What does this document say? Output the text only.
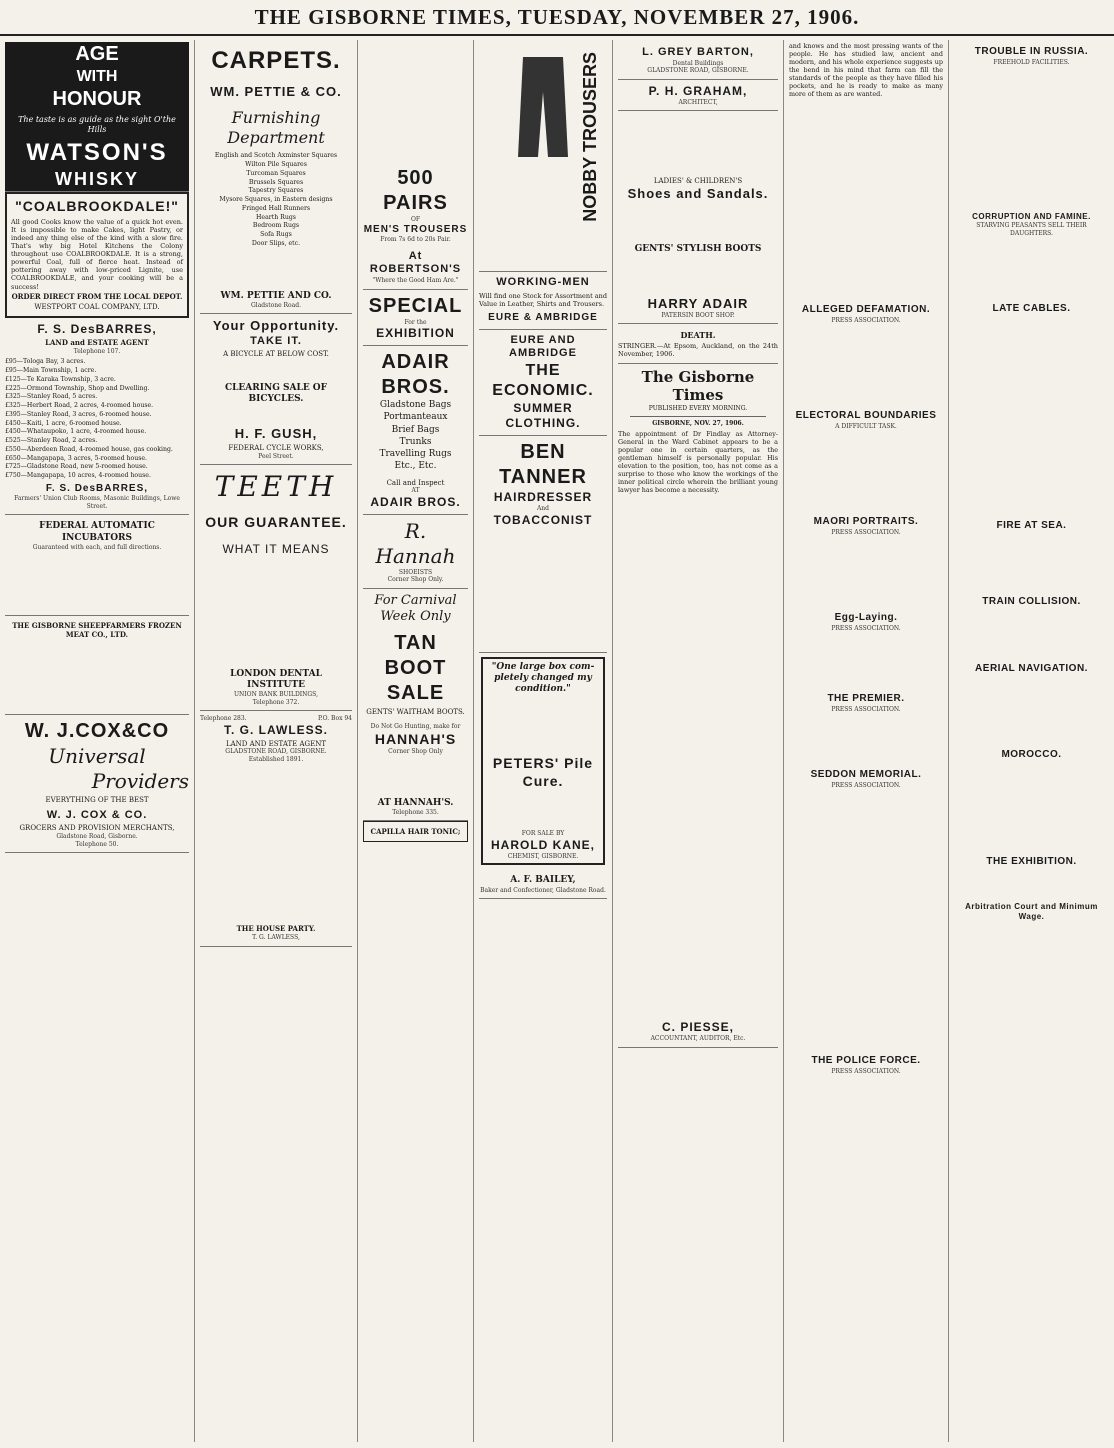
THE GISBORNE TIMES, TUESDAY, NOVEMBER 27, 1906.
AGE
WITH
HONOUR
The taste is as guide as the sight O'the Hills
WATSON'S
WHISKY
"COALBROOKDALE!"
All good Cooks know the value of a quick hot even. It is impossible to make Cakes, light Pastry, or indeed any thing else of the kind with a slow fire. That's why big Hotel Kitchens the Colony throughout use COALBROOKDALE. It is a strong, powerful Coal, full of fierce heat. Instead of pottering away with low-priced Lignite, use COALBROOKDALE, and your cooking will be a success!
ORDER DIRECT FROM THE LOCAL DEPOT.
WESTPORT COAL COMPANY, LTD.
F. S. DesBARRES,
LAND and ESTATE AGENT
Telephone 107.
£95—Tologa Bay, 3 acres.
£95—Main Township, 1 acre.
£125—Te Karaka Township, 3 acre.
£225—Ormond Township, Shop and Dwelling.
£325—Stanley Road, 5 acres.
£325—Herbert Road, 2 acres, 4-roomed house.
£395—Stanley Road, 3 acres, 6-roomed house.
£450—Kaiti, 1 acre, 6-roomed house.
£450—Whataupoko, 1 acre, 4-roomed house.
£525—Stanley Road, 2 acres.
£550—Aberdeen Road, 4-roomed house, gas cooking.
£650—Mangapapa, 3 acres, 5-roomed house.
£725—Gladstone Road, new 5-roomed house.
£750—Mangapapa, 10 acres, 4-roomed house.
F. S. DesBARRES,
Farmers' Union Club Rooms, Masonic Buildings, Lowe Street.
FEDERAL AUTOMATIC INCUBATORS
Guaranteed with each, and full directions.
THE GISBORNE SHEEPFARMERS FROZEN MEAT CO., LTD.
W. J.COX&CO
Universal
Providers
EVERYTHING OF THE BEST
W. J. COX & CO.
GROCERS AND PROVISION MERCHANTS,
Gladstone Road, Gisborne.
Telephone 50.
CARPETS.
WM. PETTIE & CO.
Furnishing Department
English and Scotch Axminster Squares
Wilton Pile Squares
Turcoman Squares
Brussels Squares
Tapestry Squares
Mysore Squares, in Eastern designs
Fringed Hall Runners
Hearth Rugs
Bedroom Rugs
Sofa Rugs
Door Slips, etc.
WM. PETTIE AND CO.
Gladstone Road.
Your Opportunity.
TAKE IT.
A BICYCLE AT BELOW COST.
CLEARING SALE OF BICYCLES.
H. F. GUSH,
FEDERAL CYCLE WORKS,
Peel Street.
TEETH
OUR GUARANTEE.
WHAT IT MEANS
LONDON DENTAL INSTITUTE
UNION BANK BUILDINGS,
Telephone 372.
Telephone 283.	P.O. Box 94
T. G. LAWLESS.
LAND AND ESTATE AGENT
GLADSTONE ROAD, GISBORNE.
Established 1891.
THE HOUSE PARTY.
T. G. LAWLESS,
500 PAIRS
OF
MEN'S TROUSERS
From 7s 6d to 20s Pair.
At ROBERTSON'S
"Where the Good Ham Are."
SPECIAL
For the
EXHIBITION
ADAIR BROS.
Gladstone Bags
Portmanteaux
Brief Bags
Trunks
Travelling Rugs
Etc., Etc.
Call and Inspect
AT
ADAIR BROS.
R. Hannah
SHOEISTS
Corner Shop Only.
For Carnival Week Only
TAN BOOT
SALE
GENTS' WAITHAM BOOTS.
Do Not Go Hunting, make for
HANNAH'S
Corner Shop Only
AT HANNAH'S.
Telephone 335.
CAPILLA HAIR TONIC;
NOBBY TROUSERS
WORKING-MEN
Will find one Stock for Assortment and Value in Leather, Shirts and Trousers.
EURE & AMBRIDGE
EURE AND AMBRIDGE
THE ECONOMIC.
SUMMER CLOTHING.
BEN TANNER
HAIRDRESSER
And
TOBACCONIST
"One large box com-pletely changed my condition."
PETERS' Pile Cure.
FOR SALE BY
HAROLD KANE,
CHEMIST, GISBORNE.
A. F. BAILEY,
Baker and Confectioner, Gladstone Road.
L. GREY BARTON,
Dental Buildings
GLADSTONE ROAD, GISBORNE.
P. H. GRAHAM,
ARCHITECT,
LADIES' & CHILDREN'S
Shoes and Sandals.
GENTS' STYLISH BOOTS
HARRY ADAIR
PATERSIN BOOT SHOP.
DEATH.
STRINGER.—At Epsom, Auckland, on the 24th November, 1906.
The Gisborne Times
PUBLISHED EVERY MORNING.
GISBORNE, NOV. 27, 1906.

The appointment of Dr Findlay as Attorney-General in the Ward Cabinet appears to be a popular one in certain quarters, as the gentleman himself is personally popular. His elevation to the position, too, has not come as a surprise to those who know the workings of the inner political circle wherein the brilliant young lawyer has become a necessity.

C. PIESSE,
ACCOUNTANT, AUDITOR, Etc.

and knows and the most pressing wants of the people. He has studied law, ancient and modern, and his whole experience suggests up the bend in his mind that farm can fill the standards of the people as they have filled his pockets, and he is ready to make as many more of them as are wanted.

ALLEGED DEFAMATION.
PRESS ASSOCIATION.
ELECTORAL BOUNDARIES
A DIFFICULT TASK.
MAORI PORTRAITS.
PRESS ASSOCIATION.
Egg-Laying.
PRESS ASSOCIATION.
THE PREMIER.
PRESS ASSOCIATION.
SEDDON MEMORIAL.
PRESS ASSOCIATION.
THE POLICE FORCE.
PRESS ASSOCIATION.
TROUBLE IN RUSSIA.
FREEHOLD FACILITIES.
CORRUPTION AND FAMINE.
STARVING PEASANTS SELL THEIR DAUGHTERS.
LATE CABLES.
FIRE AT SEA.
TRAIN COLLISION.
AERIAL NAVIGATION.
MOROCCO.
THE EXHIBITION.
Arbitration Court and Minimum Wage.
